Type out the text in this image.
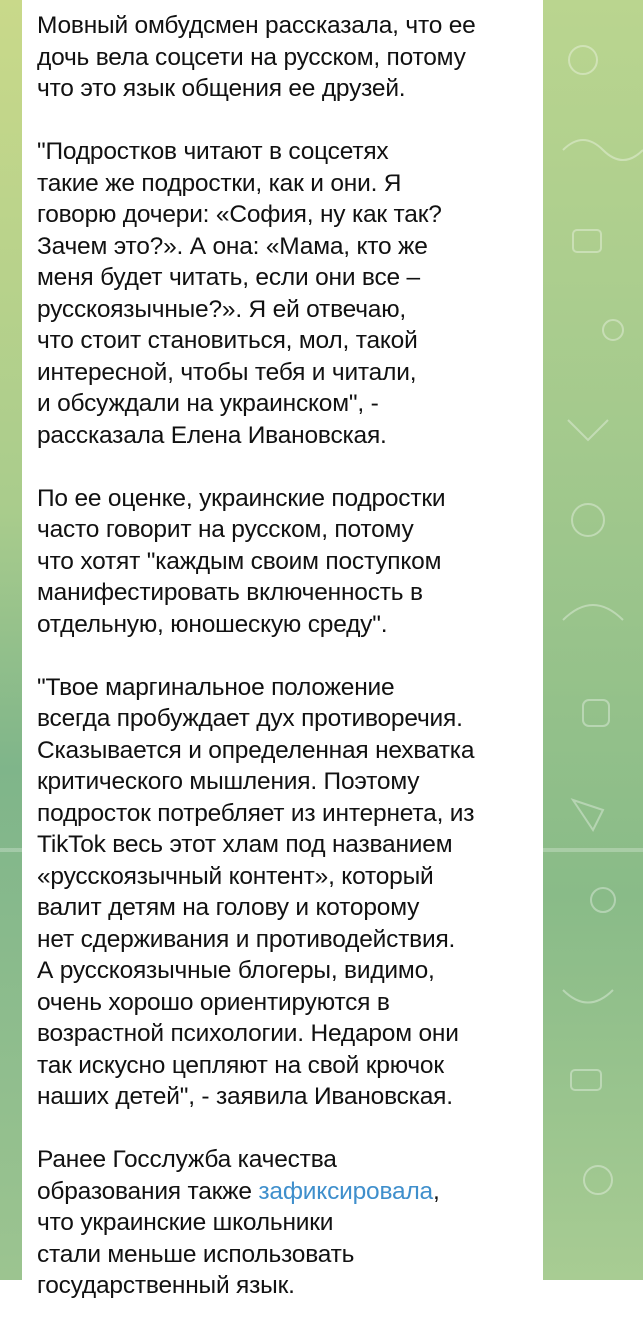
Мовный омбудсмен рассказала, что ее
дочь вела соцсети на русском, потому
что это язык общения ее друзей.

"Подростков читают в соцсетях
такие же подростки, как и они. Я
говорю дочери: «София, ну как так?
Зачем это?». А она: «Мама, кто же
меня будет читать, если они все –
русскоязычные?». Я ей отвечаю,
что стоит становиться, мол, такой
интересной, чтобы тебя и читали,
и обсуждали на украинском", -
рассказала Елена Ивановская.

По ее оценке, украинские подростки
часто говорит на русском, потому
что хотят "каждым своим поступком
манифестировать включенность в
отдельную, юношескую среду".

"Твое маргинальное положение
всегда пробуждает дух противоречия.
Сказывается и определенная нехватка
критического мышления. Поэтому
подросток потребляет из интернета, из
TikTok весь этот хлам под названием
«русскоязычный контент», который
валит детям на голову и которому
нет сдерживания и противодействия.
А русскоязычные блогеры, видимо,
очень хорошо ориентируются в
возрастной психологии. Недаром они
так искусно цепляют на свой крючок
наших детей", - заявила Ивановская.

Ранее Госслужба качества
образования также зафиксировала,
что украинские школьники
стали меньше использовать
государственный язык.
